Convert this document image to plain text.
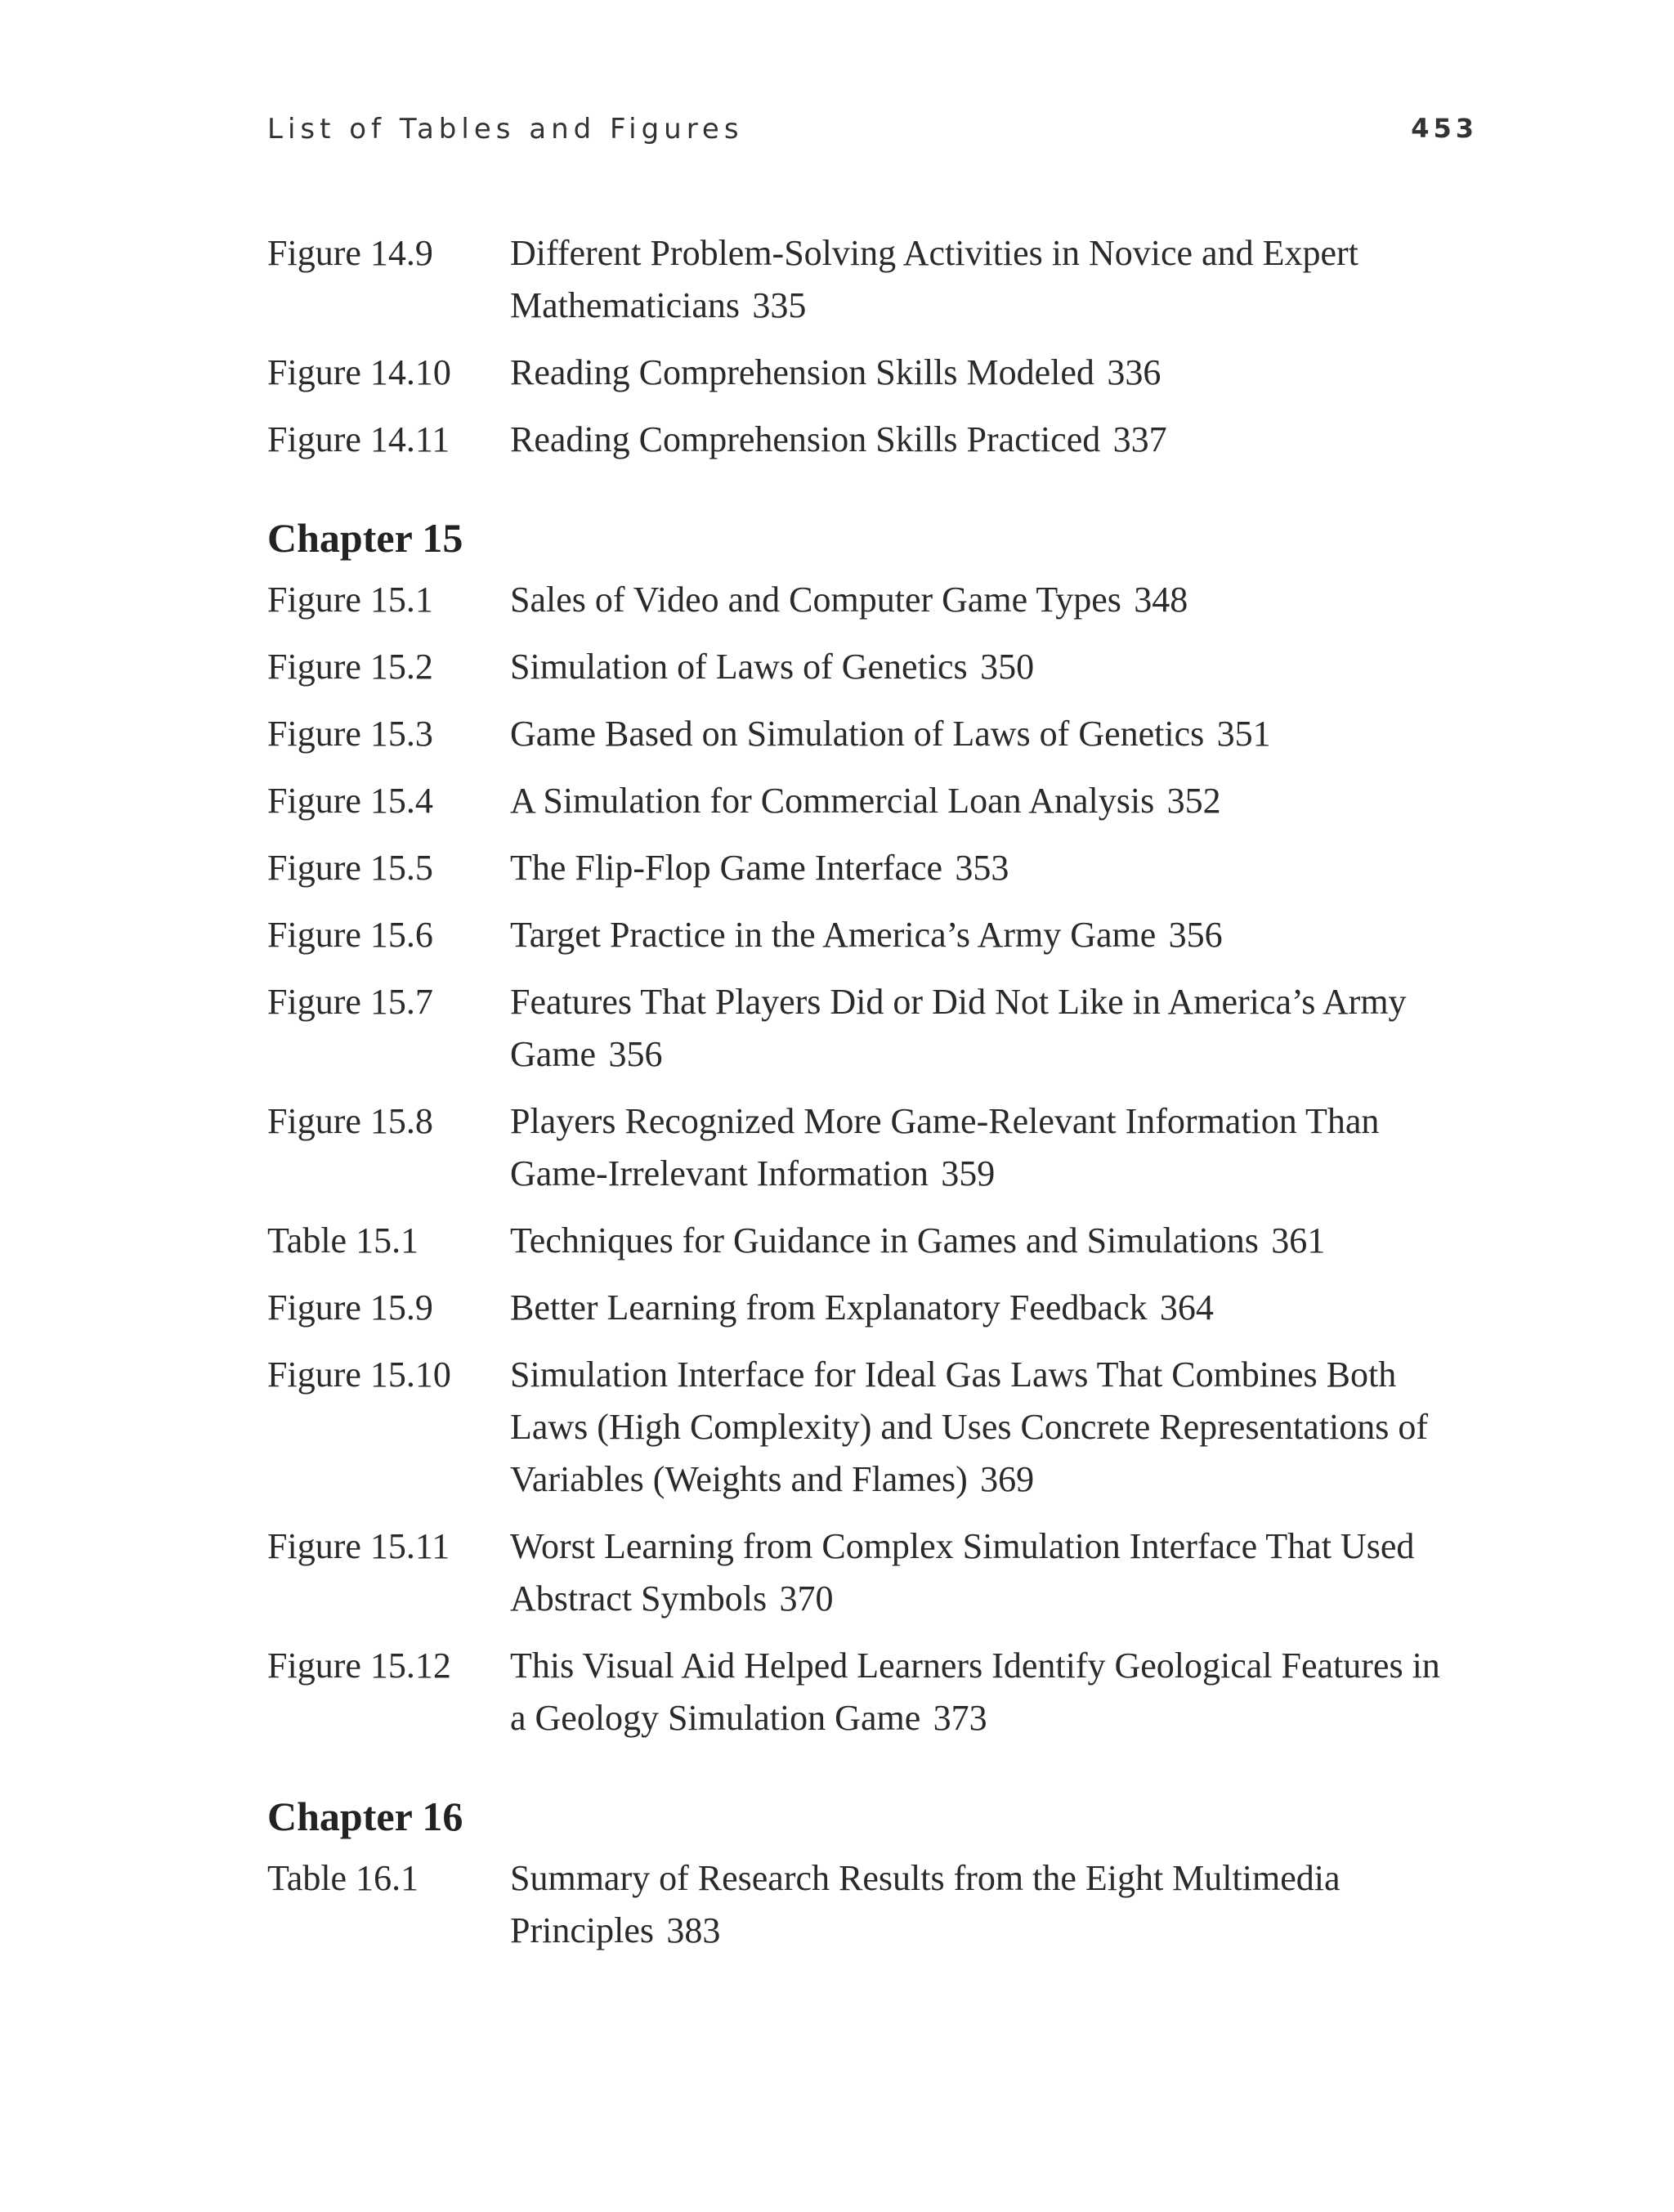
List of Tables and Figures	453
Figure 14.9	Different Problem-Solving Activities in Novice and Expert Mathematicians 335
Figure 14.10	Reading Comprehension Skills Modeled 336
Figure 14.11	Reading Comprehension Skills Practiced 337
Chapter 15
Figure 15.1	Sales of Video and Computer Game Types 348
Figure 15.2	Simulation of Laws of Genetics 350
Figure 15.3	Game Based on Simulation of Laws of Genetics 351
Figure 15.4	A Simulation for Commercial Loan Analysis 352
Figure 15.5	The Flip-Flop Game Interface 353
Figure 15.6	Target Practice in the America’s Army Game 356
Figure 15.7	Features That Players Did or Did Not Like in America’s Army Game 356
Figure 15.8	Players Recognized More Game-Relevant Information Than Game-Irrelevant Information 359
Table 15.1	Techniques for Guidance in Games and Simulations 361
Figure 15.9	Better Learning from Explanatory Feedback 364
Figure 15.10	Simulation Interface for Ideal Gas Laws That Combines Both Laws (High Complexity) and Uses Concrete Representations of Variables (Weights and Flames) 369
Figure 15.11	Worst Learning from Complex Simulation Interface That Used Abstract Symbols 370
Figure 15.12	This Visual Aid Helped Learners Identify Geological Features in a Geology Simulation Game 373
Chapter 16
Table 16.1	Summary of Research Results from the Eight Multimedia Principles 383
